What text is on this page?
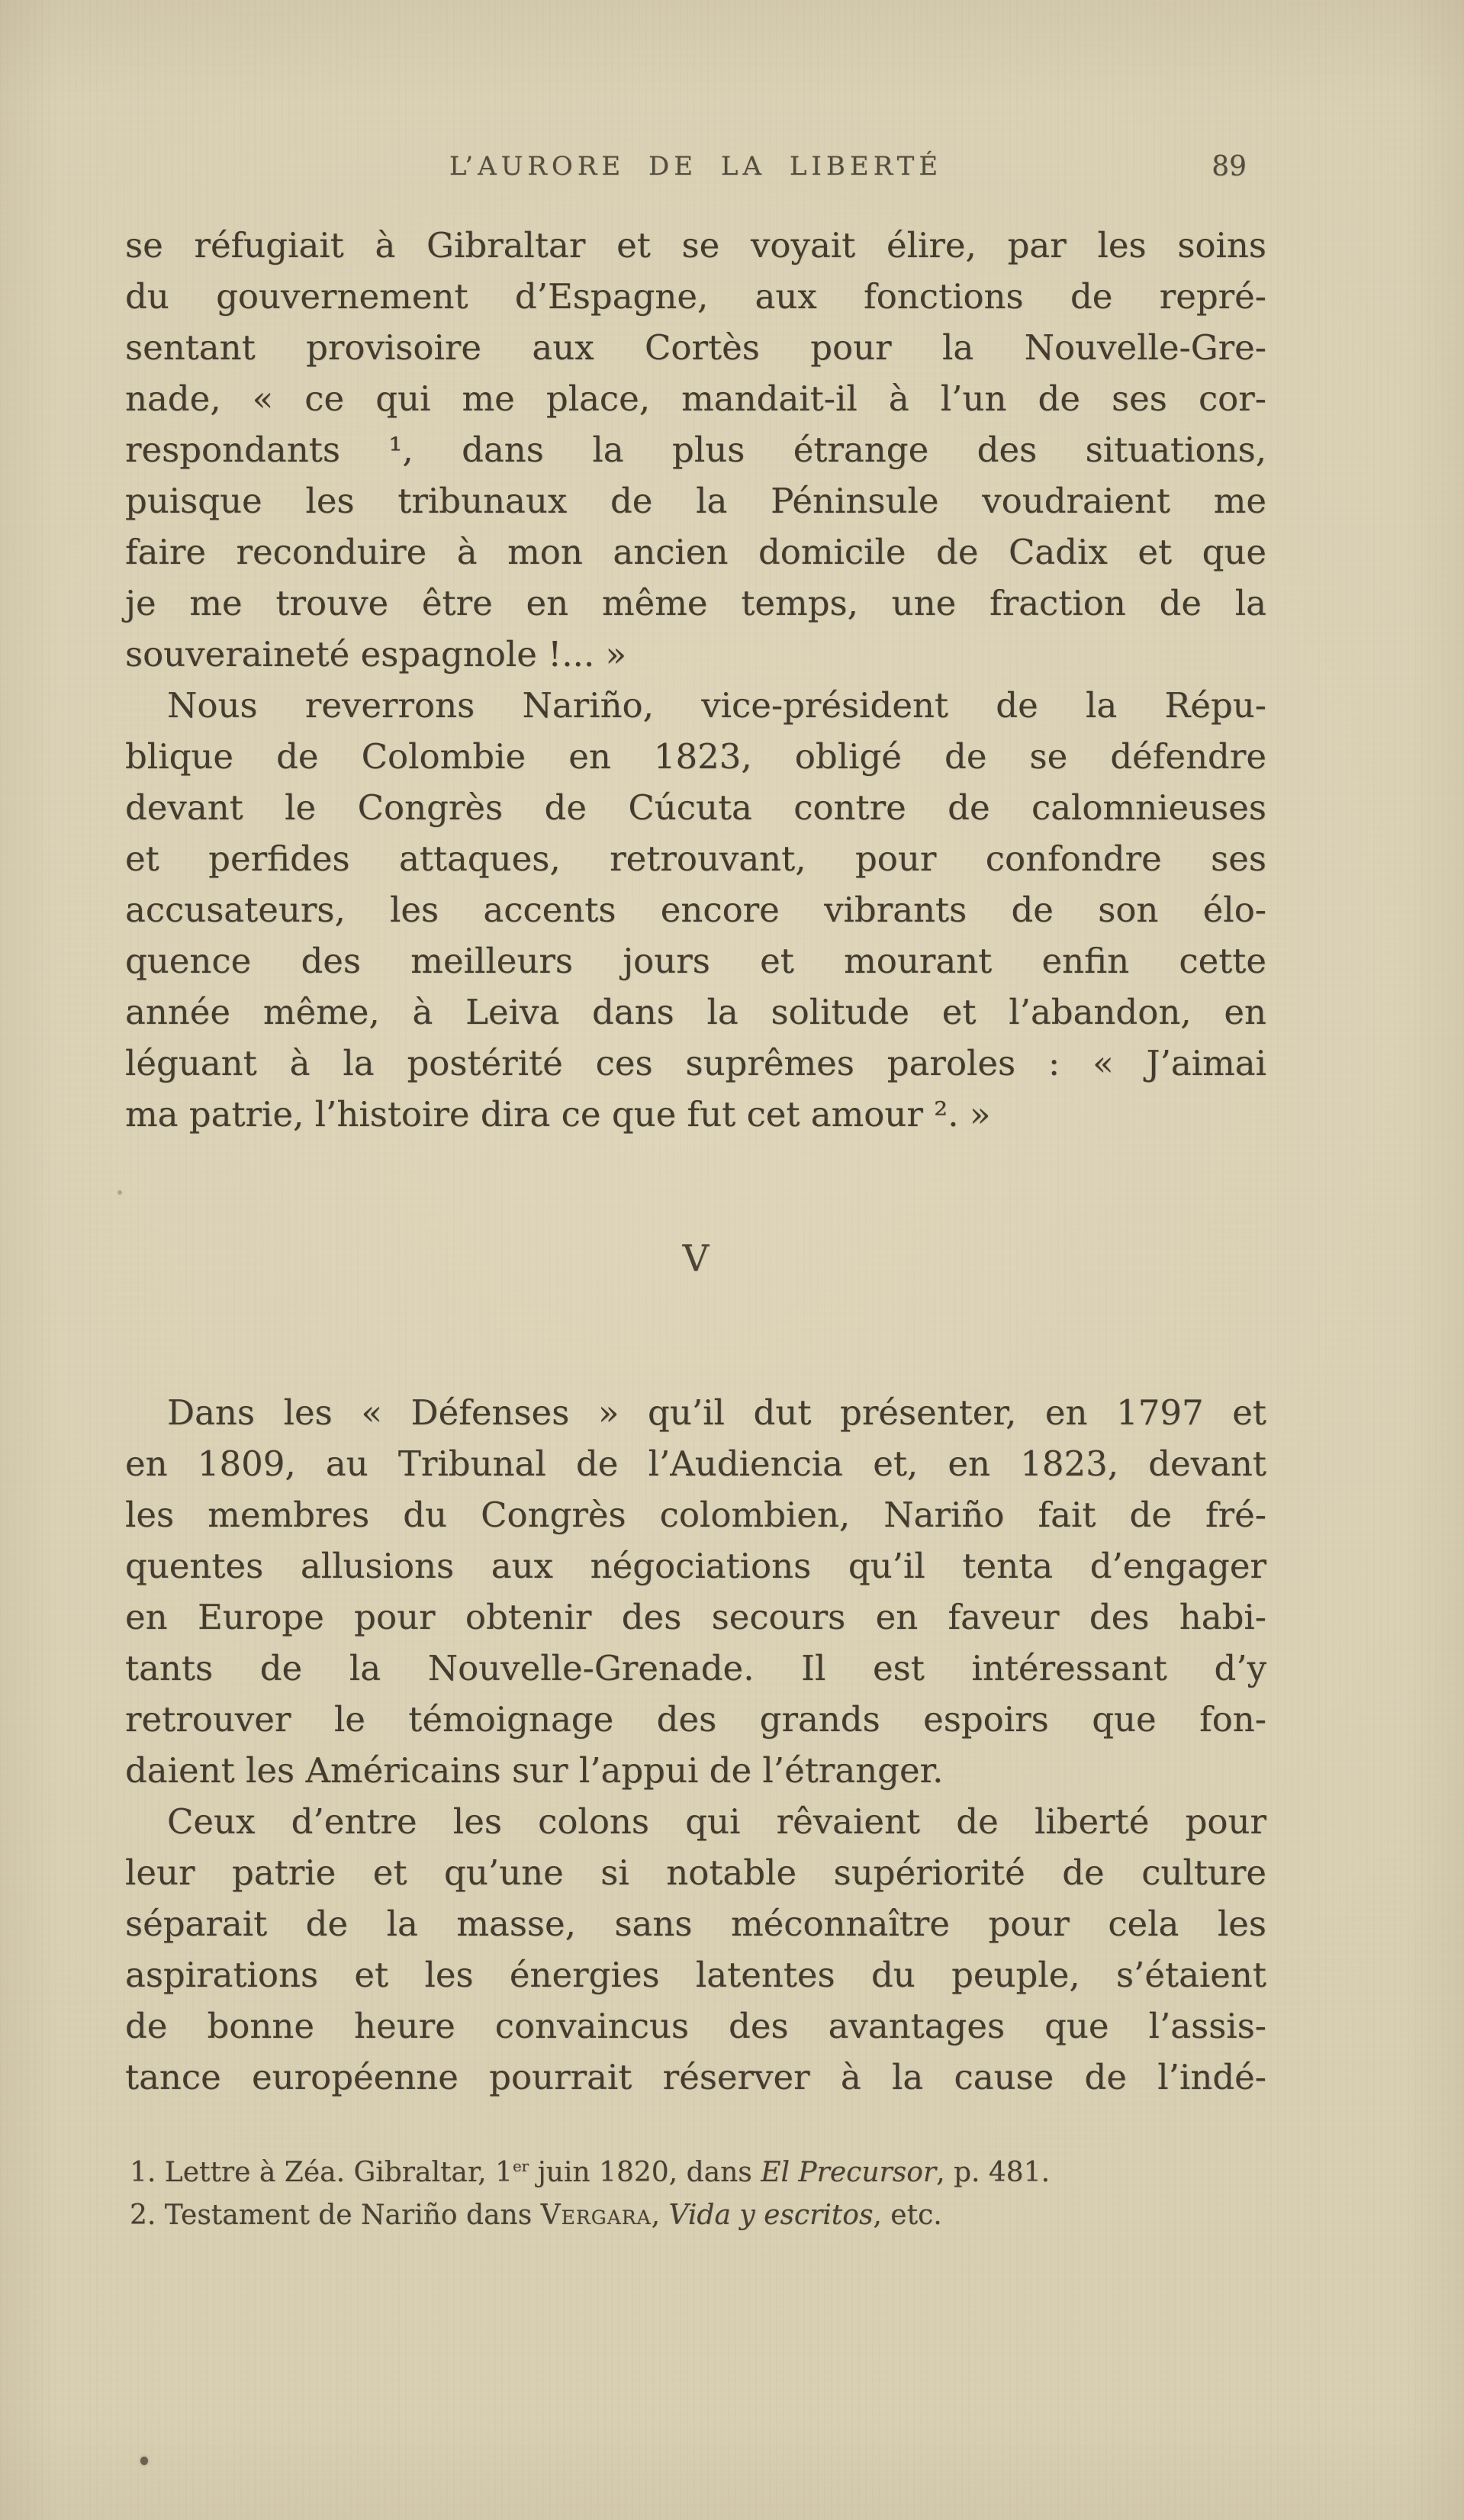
L’AURORE DE LA LIBERTÉ	89
se réfugiait à Gibraltar et se voyait élire, par les soins
du gouvernement d’Espagne, aux fonctions de repré-
sentant provisoire aux Cortès pour la Nouvelle-Gre-
nade, « ce qui me place, mandait-il à l’un de ses cor-
respondants ¹, dans la plus étrange des situations,
puisque les tribunaux de la Péninsule voudraient me
faire reconduire à mon ancien domicile de Cadix et que
je me trouve être en même temps, une fraction de la
souveraineté espagnole !... »
Nous reverrons Nariño, vice-président de la Répu-
blique de Colombie en 1823, obligé de se défendre
devant le Congrès de Cúcuta contre de calomnieuses
et perfides attaques, retrouvant, pour confondre ses
accusateurs, les accents encore vibrants de son élo-
quence des meilleurs jours et mourant enfin cette
année même, à Leiva dans la solitude et l’abandon, en
léguant à la postérité ces suprêmes paroles : « J’aimai
ma patrie, l’histoire dira ce que fut cet amour ². »
V
Dans les « Défenses » qu’il dut présenter, en 1797 et
en 1809, au Tribunal de l’Audiencia et, en 1823, devant
les membres du Congrès colombien, Nariño fait de fré-
quentes allusions aux négociations qu’il tenta d’engager
en Europe pour obtenir des secours en faveur des habi-
tants de la Nouvelle-Grenade. Il est intéressant d’y
retrouver le témoignage des grands espoirs que fon-
daient les Américains sur l’appui de l’étranger.
Ceux d’entre les colons qui rêvaient de liberté pour
leur patrie et qu’une si notable supériorité de culture
séparait de la masse, sans méconnaître pour cela les
aspirations et les énergies latentes du peuple, s’étaient
de bonne heure convaincus des avantages que l’assis-
tance européenne pourrait réserver à la cause de l’indé-
1. Lettre à Zéa. Gibraltar, 1er juin 1820, dans El Precursor, p. 481.
2. Testament de Nariño dans Vergara, Vida y escritos, etc.
